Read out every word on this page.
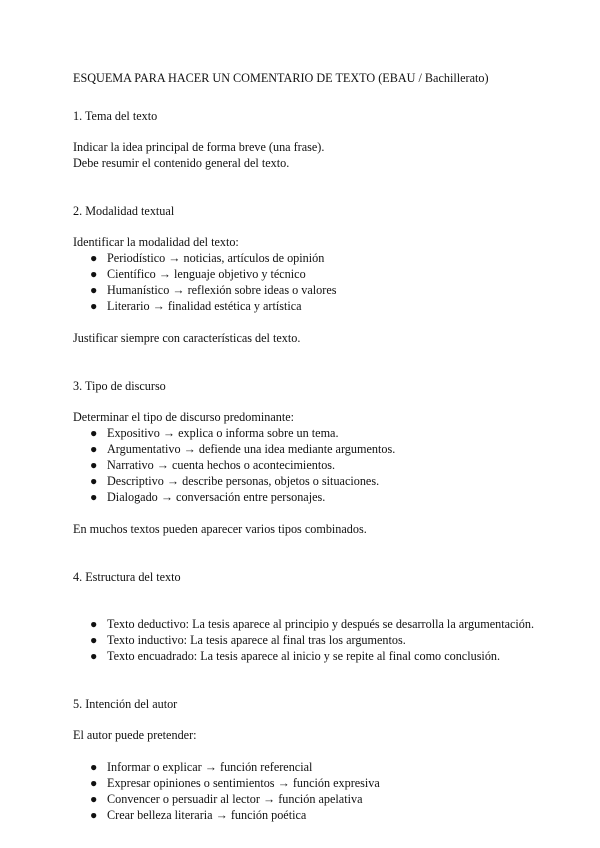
ESQUEMA PARA HACER UN COMENTARIO DE TEXTO (EBAU / Bachillerato)

1. Tema del texto

Indicar la idea principal de forma breve (una frase).

Debe resumir el contenido general del texto.

2. Modalidad textual

Identificar la modalidad del texto:

● Periodístico → noticias, artículos de opinión
● Científico → lenguaje objetivo y técnico
● Humanístico → reflexión sobre ideas o valores
● Literario → finalidad estética y artística

Justificar siempre con características del texto.

3. Tipo de discurso

Determinar el tipo de discurso predominante:

● Expositivo → explica o informa sobre un tema.
● Argumentativo → defiende una idea mediante argumentos.
● Narrativo → cuenta hechos o acontecimientos.
● Descriptivo → describe personas, objetos o situaciones.
● Dialogado → conversación entre personajes.

En muchos textos pueden aparecer varios tipos combinados.

4. Estructura del texto

● Texto deductivo: La tesis aparece al principio y después se desarrolla la argumentación.
● Texto inductivo: La tesis aparece al final tras los argumentos.
● Texto encuadrado: La tesis aparece al inicio y se repite al final como conclusión.

5. Intención del autor

El autor puede pretender:

● Informar o explicar → función referencial
● Expresar opiniones o sentimientos → función expresiva
● Convencer o persuadir al lector → función apelativa
● Crear belleza literaria → función poética
